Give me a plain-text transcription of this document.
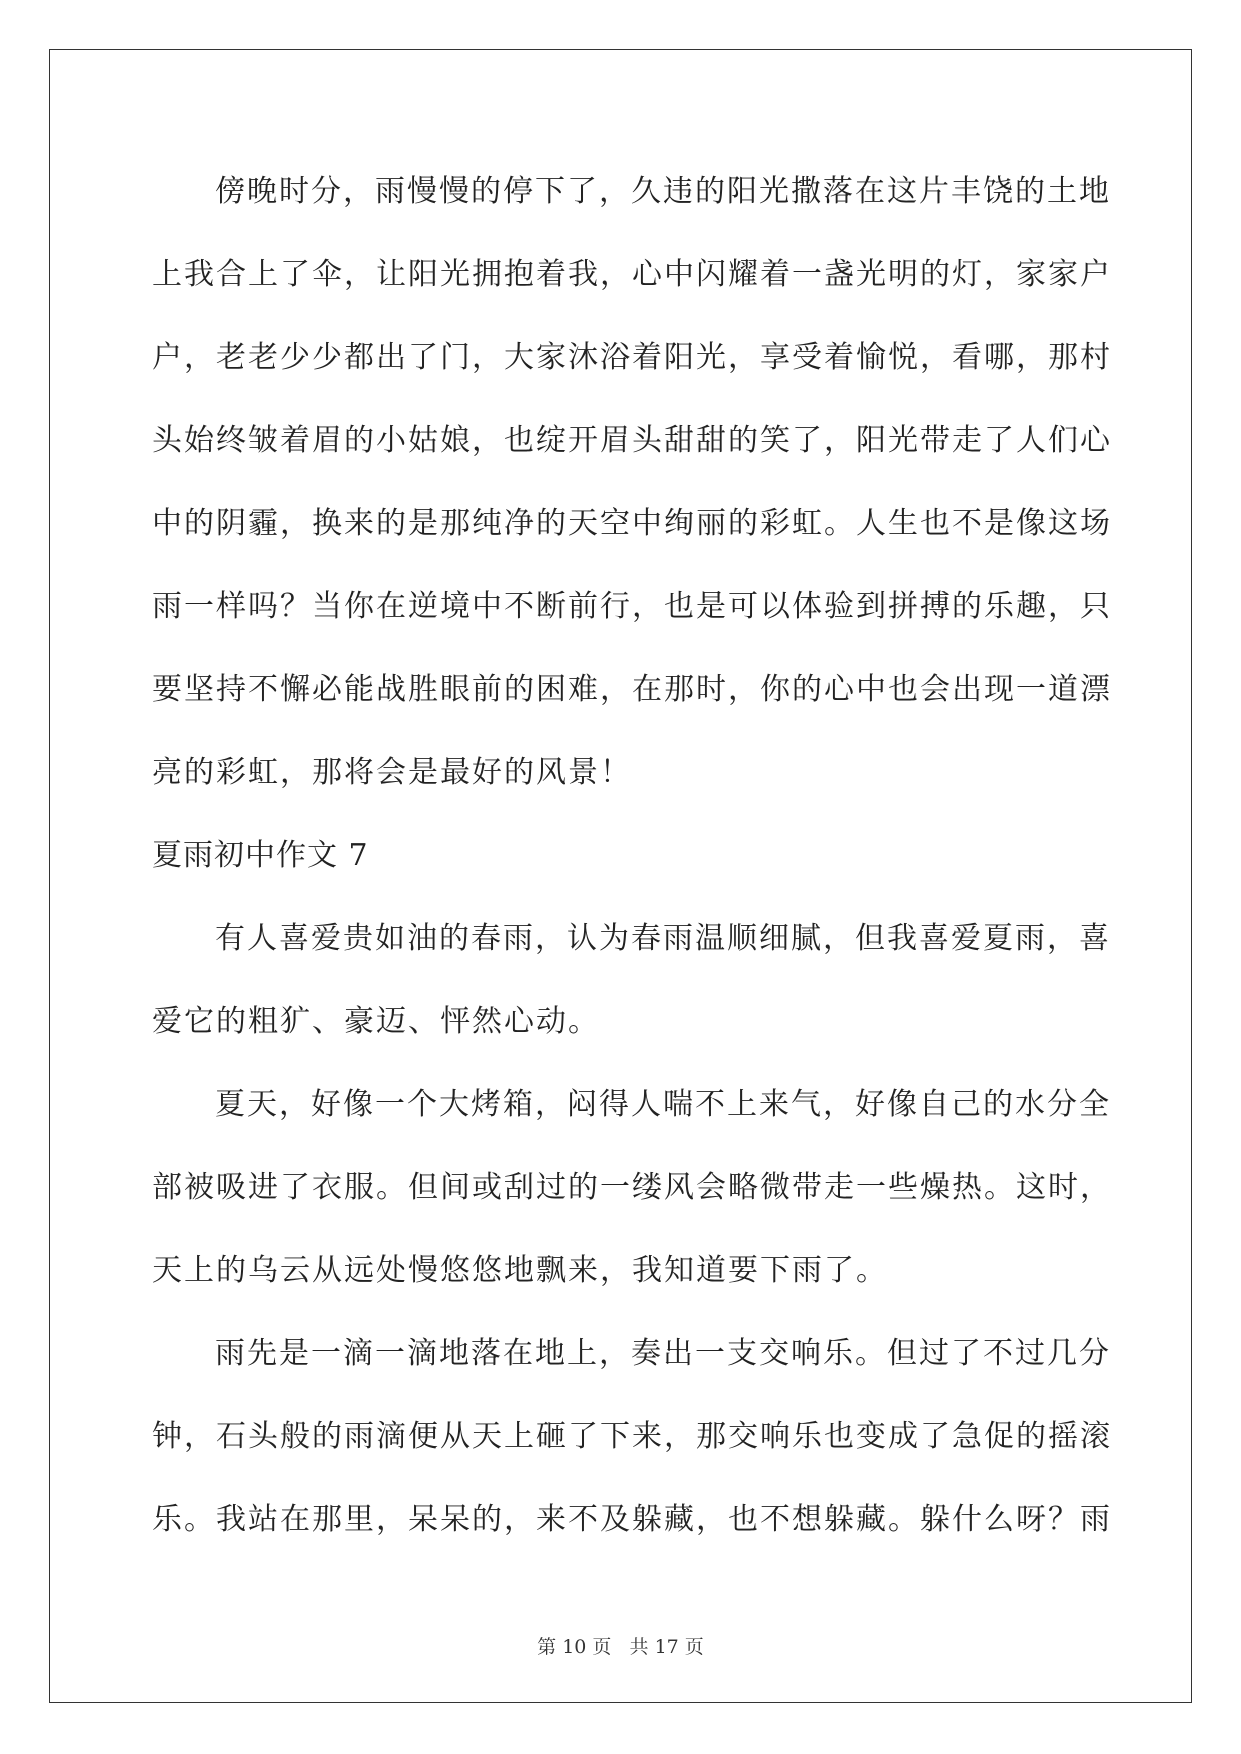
傍晚时分，雨慢慢的停下了，久违的阳光撒落在这片丰饶的土地
上我合上了伞，让阳光拥抱着我，心中闪耀着一盏光明的灯，家家户
户，老老少少都出了门，大家沐浴着阳光，享受着愉悦，看哪，那村
头始终皱着眉的小姑娘，也绽开眉头甜甜的笑了，阳光带走了人们心
中的阴霾，换来的是那纯净的天空中绚丽的彩虹。人生也不是像这场
雨一样吗？当你在逆境中不断前行，也是可以体验到拼搏的乐趣，只
要坚持不懈必能战胜眼前的困难，在那时，你的心中也会出现一道漂
亮的彩虹，那将会是最好的风景！
夏雨初中作文 7
有人喜爱贵如油的春雨，认为春雨温顺细腻，但我喜爱夏雨，喜
爱它的粗犷、豪迈、怦然心动。
夏天，好像一个大烤箱，闷得人喘不上来气，好像自己的水分全
部被吸进了衣服。但间或刮过的一缕风会略微带走一些燥热。这时，
天上的乌云从远处慢悠悠地飘来，我知道要下雨了。
雨先是一滴一滴地落在地上，奏出一支交响乐。但过了不过几分
钟，石头般的雨滴便从天上砸了下来，那交响乐也变成了急促的摇滚
乐。我站在那里，呆呆的，来不及躲藏，也不想躲藏。躲什么呀？雨
第 10 页   共 17 页
